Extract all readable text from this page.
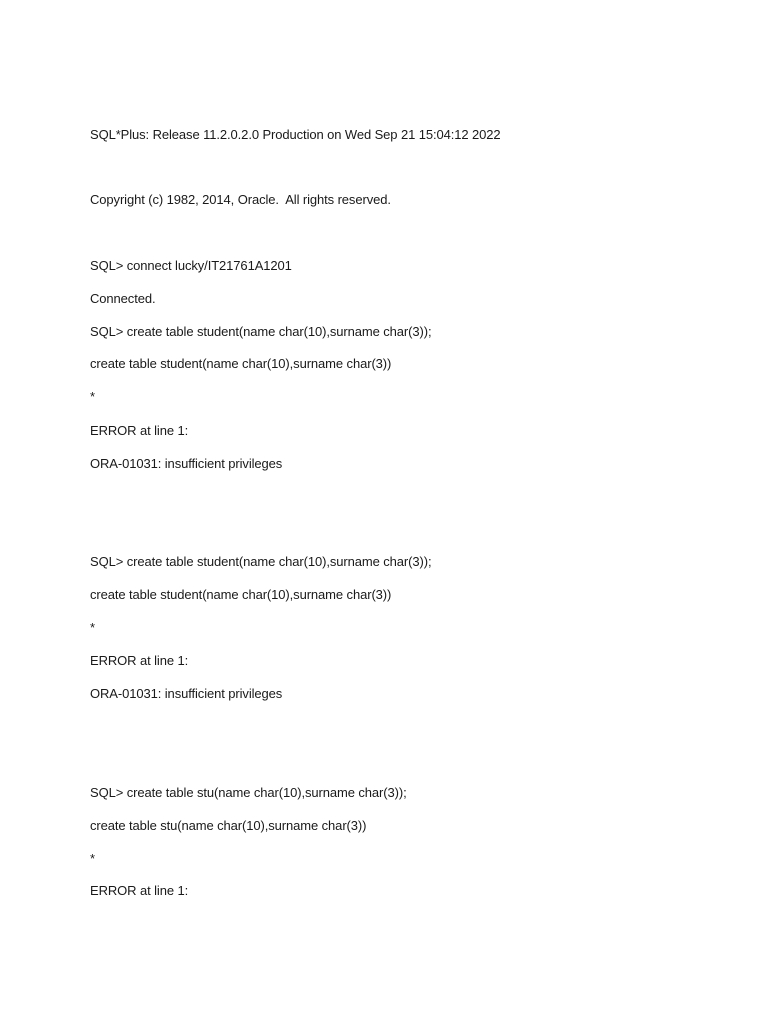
SQL*Plus: Release 11.2.0.2.0 Production on Wed Sep 21 15:04:12 2022
Copyright (c) 1982, 2014, Oracle.  All rights reserved.
SQL> connect lucky/IT21761A1201
Connected.
SQL> create table student(name char(10),surname char(3));
create table student(name char(10),surname char(3))
*
ERROR at line 1:
ORA-01031: insufficient privileges
SQL> create table student(name char(10),surname char(3));
create table student(name char(10),surname char(3))
*
ERROR at line 1:
ORA-01031: insufficient privileges
SQL> create table stu(name char(10),surname char(3));
create table stu(name char(10),surname char(3))
*
ERROR at line 1:
